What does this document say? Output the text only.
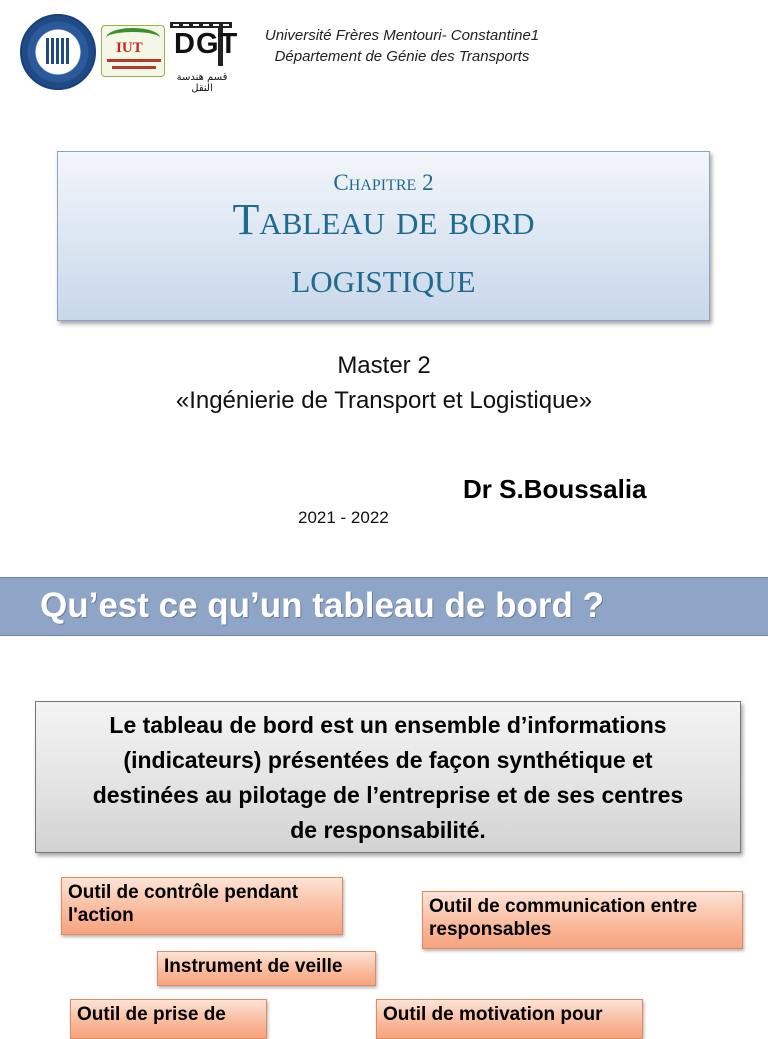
IUT DGT
قسم هندسة النقل
Université Frères Mentouri- Constantine1
Département de Génie des Transports
Chapitre 2
Tableau de bord
logistique
Master 2
«Ingénierie de Transport et Logistique»
Dr S.Boussalia
2021 - 2022
Qu’est ce qu’un tableau de bord ?
Le tableau de bord est un ensemble d’informations
(indicateurs) présentées de façon synthétique et
destinées au pilotage de l’entreprise et de ses centres
de responsabilité.
Outil de contrôle pendant l'action	Outil de communication entre responsables
Instrument de veille
Outil de prise de	Outil de motivation pour
